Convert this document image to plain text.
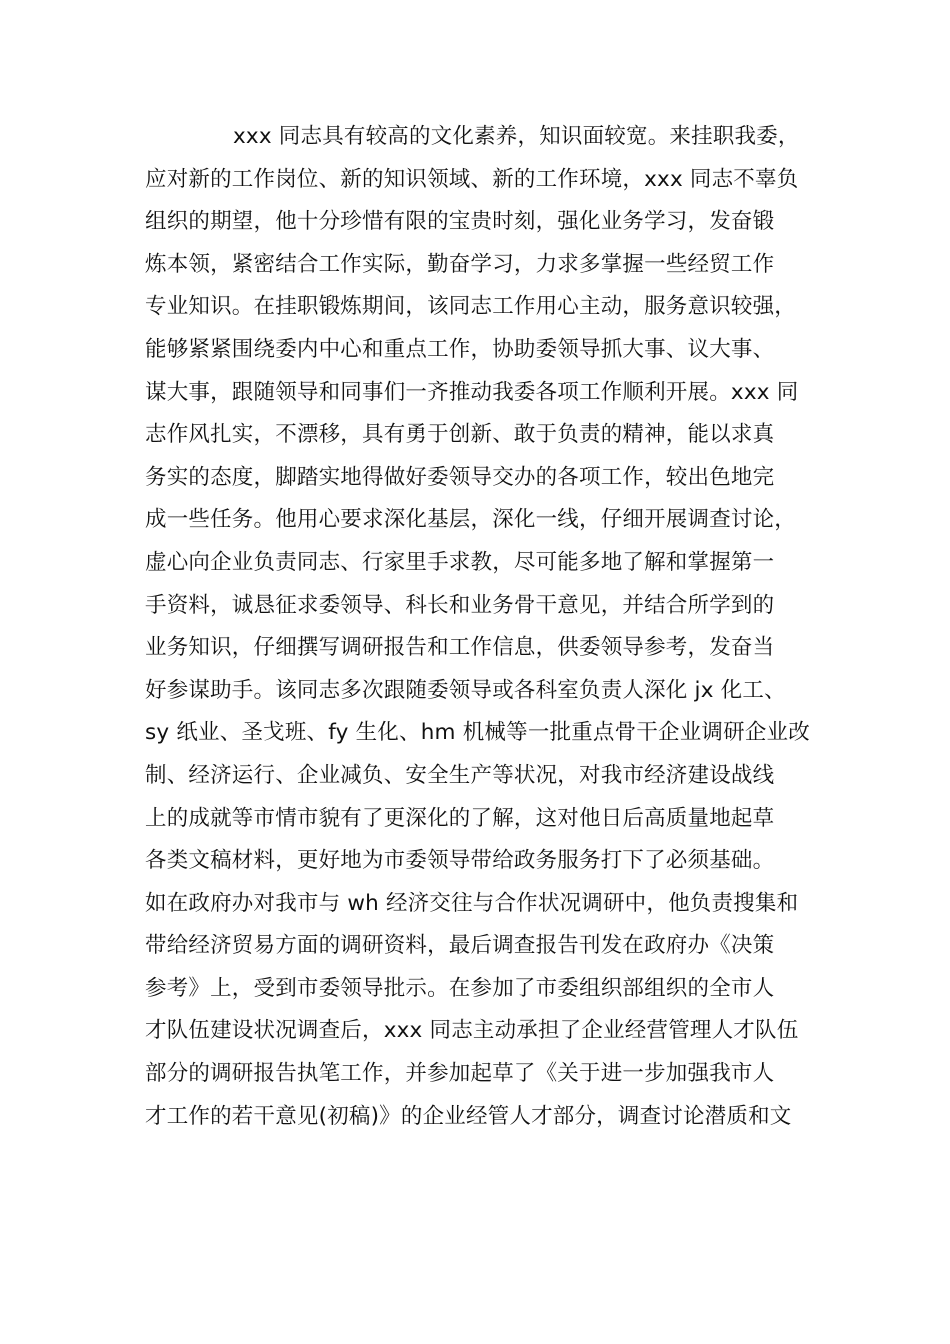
xxx 同志具有较高的文化素养，知识面较宽。来挂职我委，
应对新的工作岗位、新的知识领域、新的工作环境，xxx 同志不辜负
组织的期望，他十分珍惜有限的宝贵时刻，强化业务学习，发奋锻
炼本领，紧密结合工作实际，勤奋学习，力求多掌握一些经贸工作
专业知识。在挂职锻炼期间，该同志工作用心主动，服务意识较强，
能够紧紧围绕委内中心和重点工作，协助委领导抓大事、议大事、
谋大事，跟随领导和同事们一齐推动我委各项工作顺利开展。xxx 同
志作风扎实，不漂移，具有勇于创新、敢于负责的精神，能以求真
务实的态度，脚踏实地得做好委领导交办的各项工作，较出色地完
成一些任务。他用心要求深化基层，深化一线，仔细开展调查讨论，
虚心向企业负责同志、行家里手求教，尽可能多地了解和掌握第一
手资料，诚恳征求委领导、科长和业务骨干意见，并结合所学到的
业务知识，仔细撰写调研报告和工作信息，供委领导参考，发奋当
好参谋助手。该同志多次跟随委领导或各科室负责人深化 jx 化工、
sy 纸业、圣戈班、fy 生化、hm 机械等一批重点骨干企业调研企业改
制、经济运行、企业减负、安全生产等状况，对我市经济建设战线
上的成就等市情市貌有了更深化的了解，这对他日后高质量地起草
各类文稿材料，更好地为市委领导带给政务服务打下了必须基础。
如在政府办对我市与 wh 经济交往与合作状况调研中，他负责搜集和
带给经济贸易方面的调研资料，最后调查报告刊发在政府办《决策
参考》上，受到市委领导批示。在参加了市委组织部组织的全市人
才队伍建设状况调查后，xxx 同志主动承担了企业经营管理人才队伍
部分的调研报告执笔工作，并参加起草了《关于进一步加强我市人
才工作的若干意见(初稿)》的企业经管人才部分，调查讨论潜质和文
